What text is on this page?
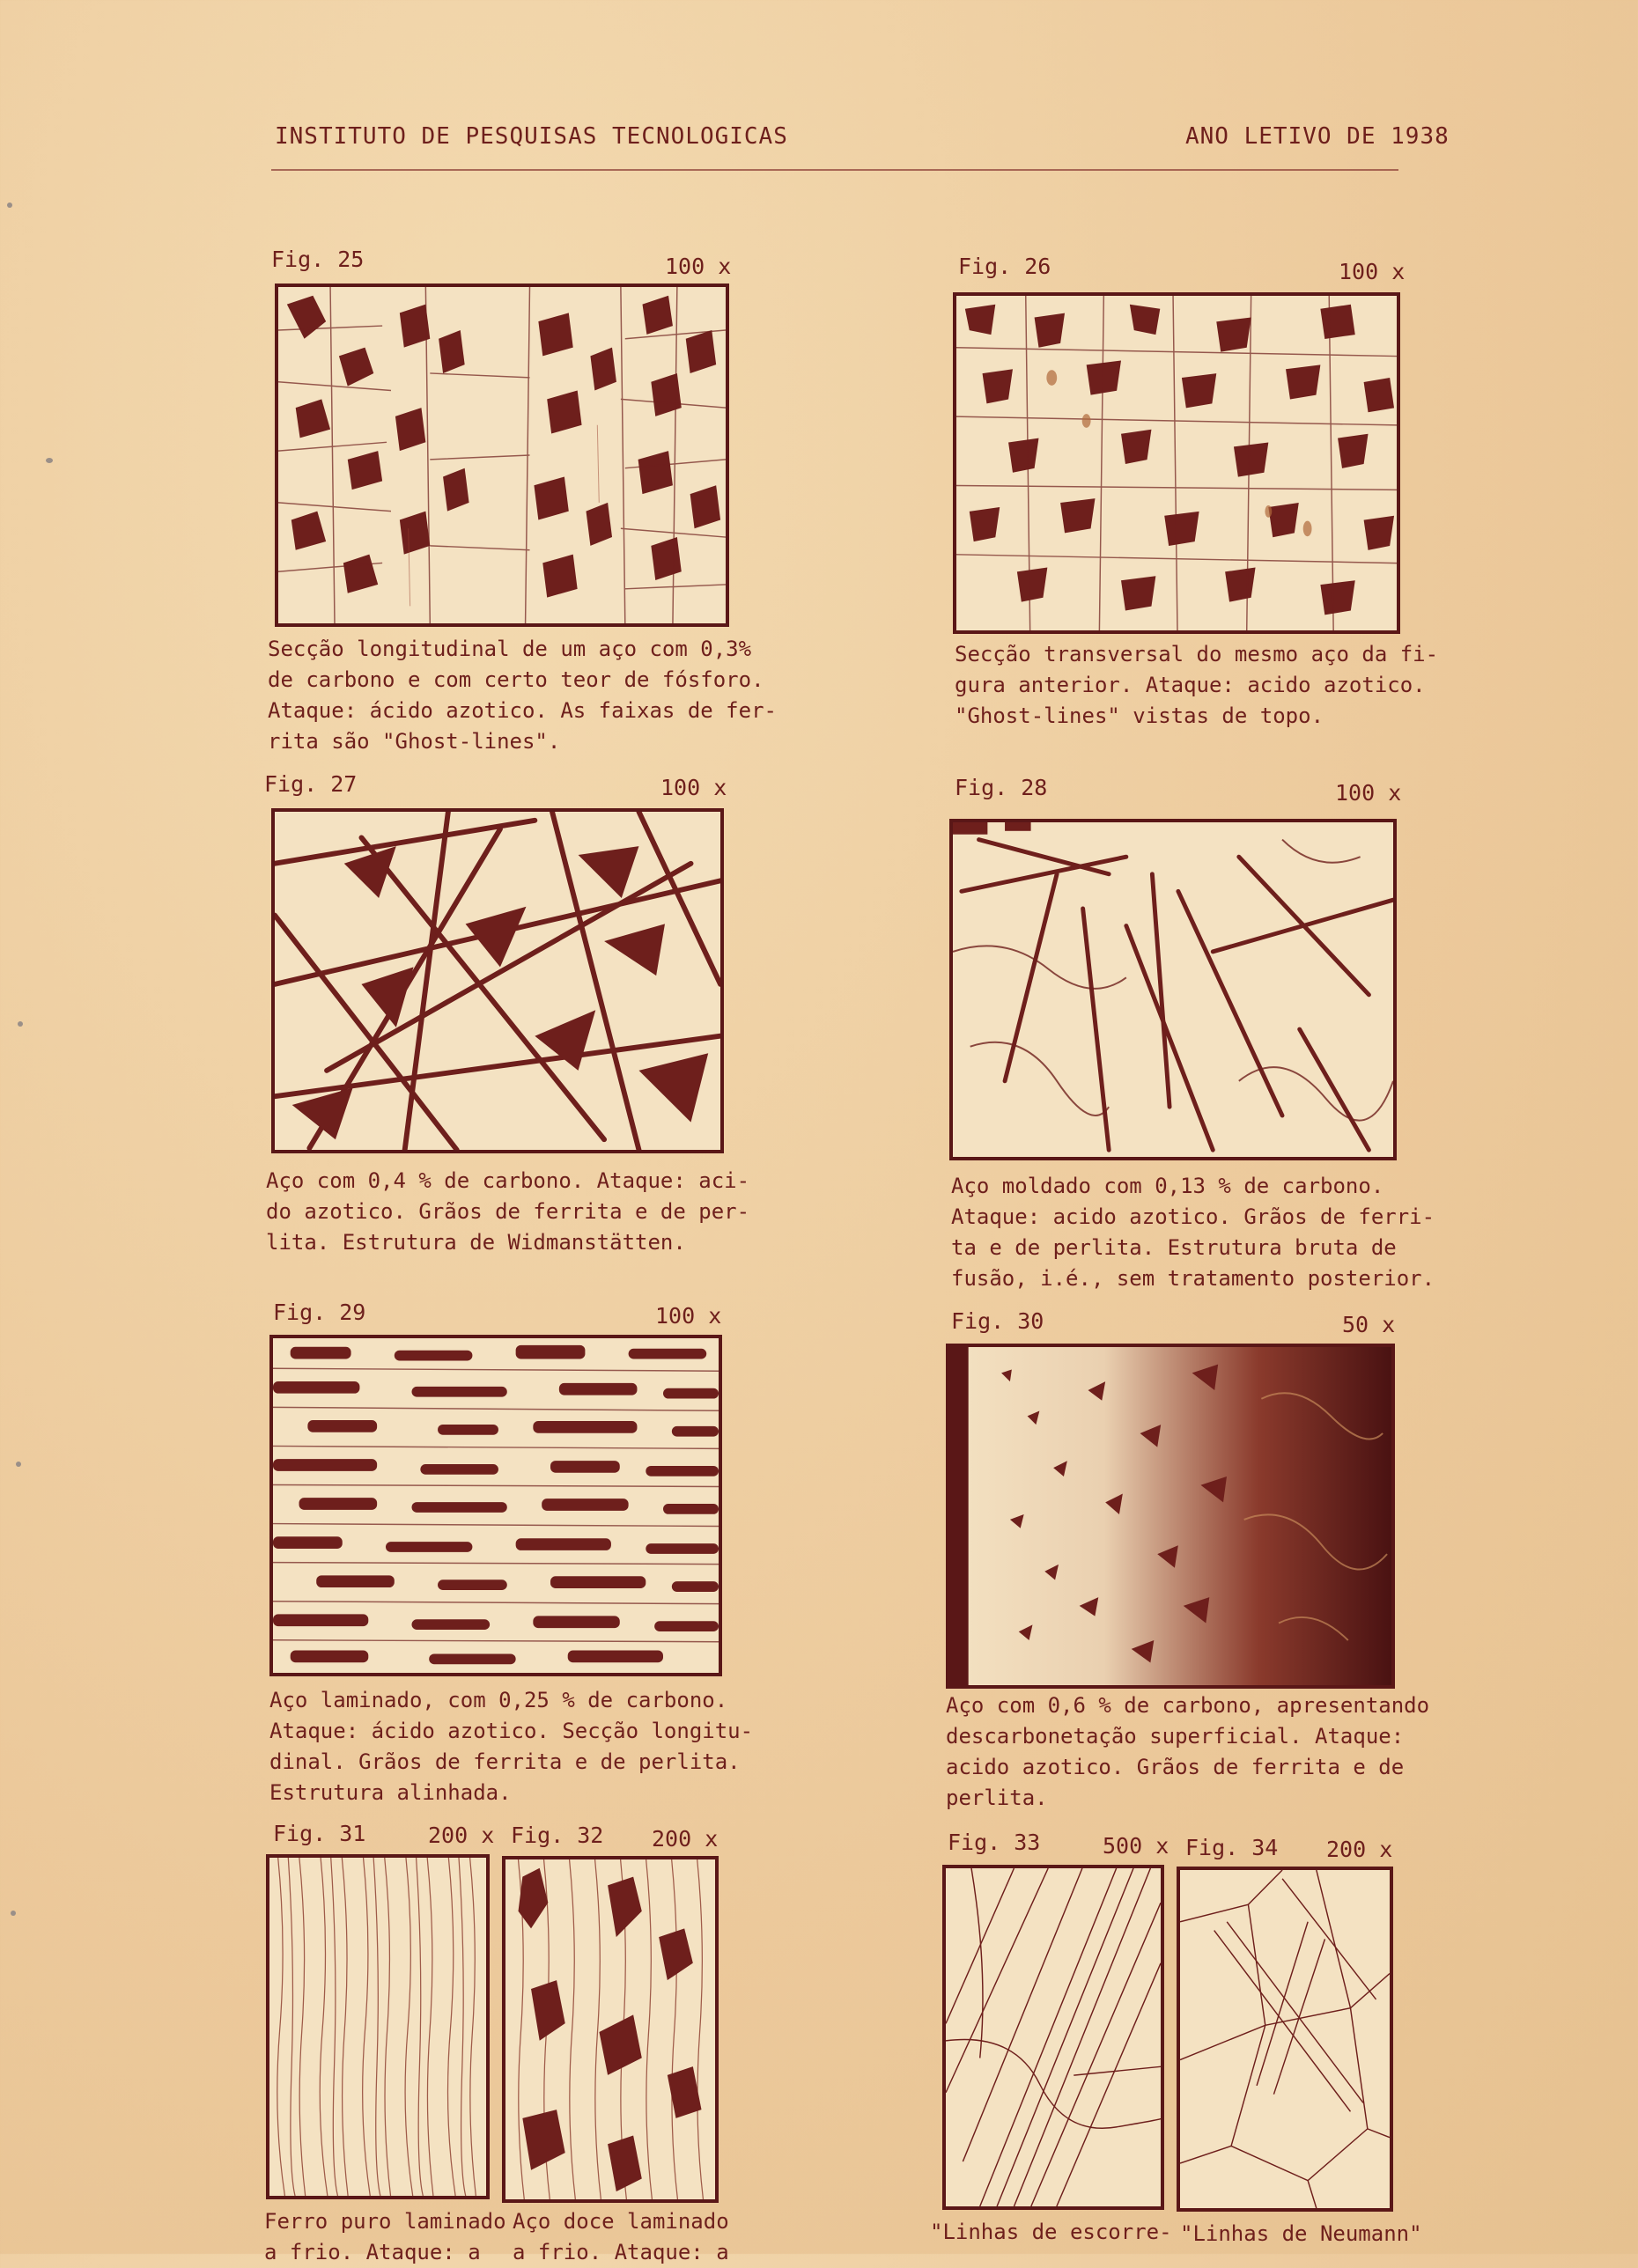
INSTITUTO DE PESQUISAS TECNOLOGICAS	ANO LETIVO DE 1938
Fig. 25	100 x
Secção longitudinal de um aço com 0,3%
de carbono e com certo teor de fósforo.
Ataque: ácido azotico. As faixas de fer-
rita são "Ghost-lines".
Fig. 26	100 x
Secção transversal do mesmo aço da fi-
gura anterior. Ataque: acido azotico.
"Ghost-lines" vistas de topo.
Fig. 27	100 x
Aço com 0,4 % de carbono. Ataque: aci-
do azotico. Grãos de ferrita e de per-
lita. Estrutura de Widmanstätten.
Fig. 28	100 x
Aço moldado com 0,13 % de carbono.
Ataque: acido azotico. Grãos de ferri-
ta e de perlita. Estrutura bruta de
fusão, i.é., sem tratamento posterior.
Fig. 29	100 x
Aço laminado, com 0,25 % de carbono.
Ataque: ácido azotico. Secção longitu-
dinal. Grãos de ferrita e de perlita.
Estrutura alinhada.
Fig. 30	50 x
Aço com 0,6 % de carbono, apresentando
descarbonetação superficial. Ataque:
acido azotico. Grãos de ferrita e de
perlita.
Fig. 31	200 x Fig. 32 200 x
Ferro puro laminado
a frio. Ataque: a
Aço doce laminado
a frio. Ataque: a
Fig. 33	500 x Fig. 34 200 x
"Linhas de escorre- "Linhas de Neumann"
